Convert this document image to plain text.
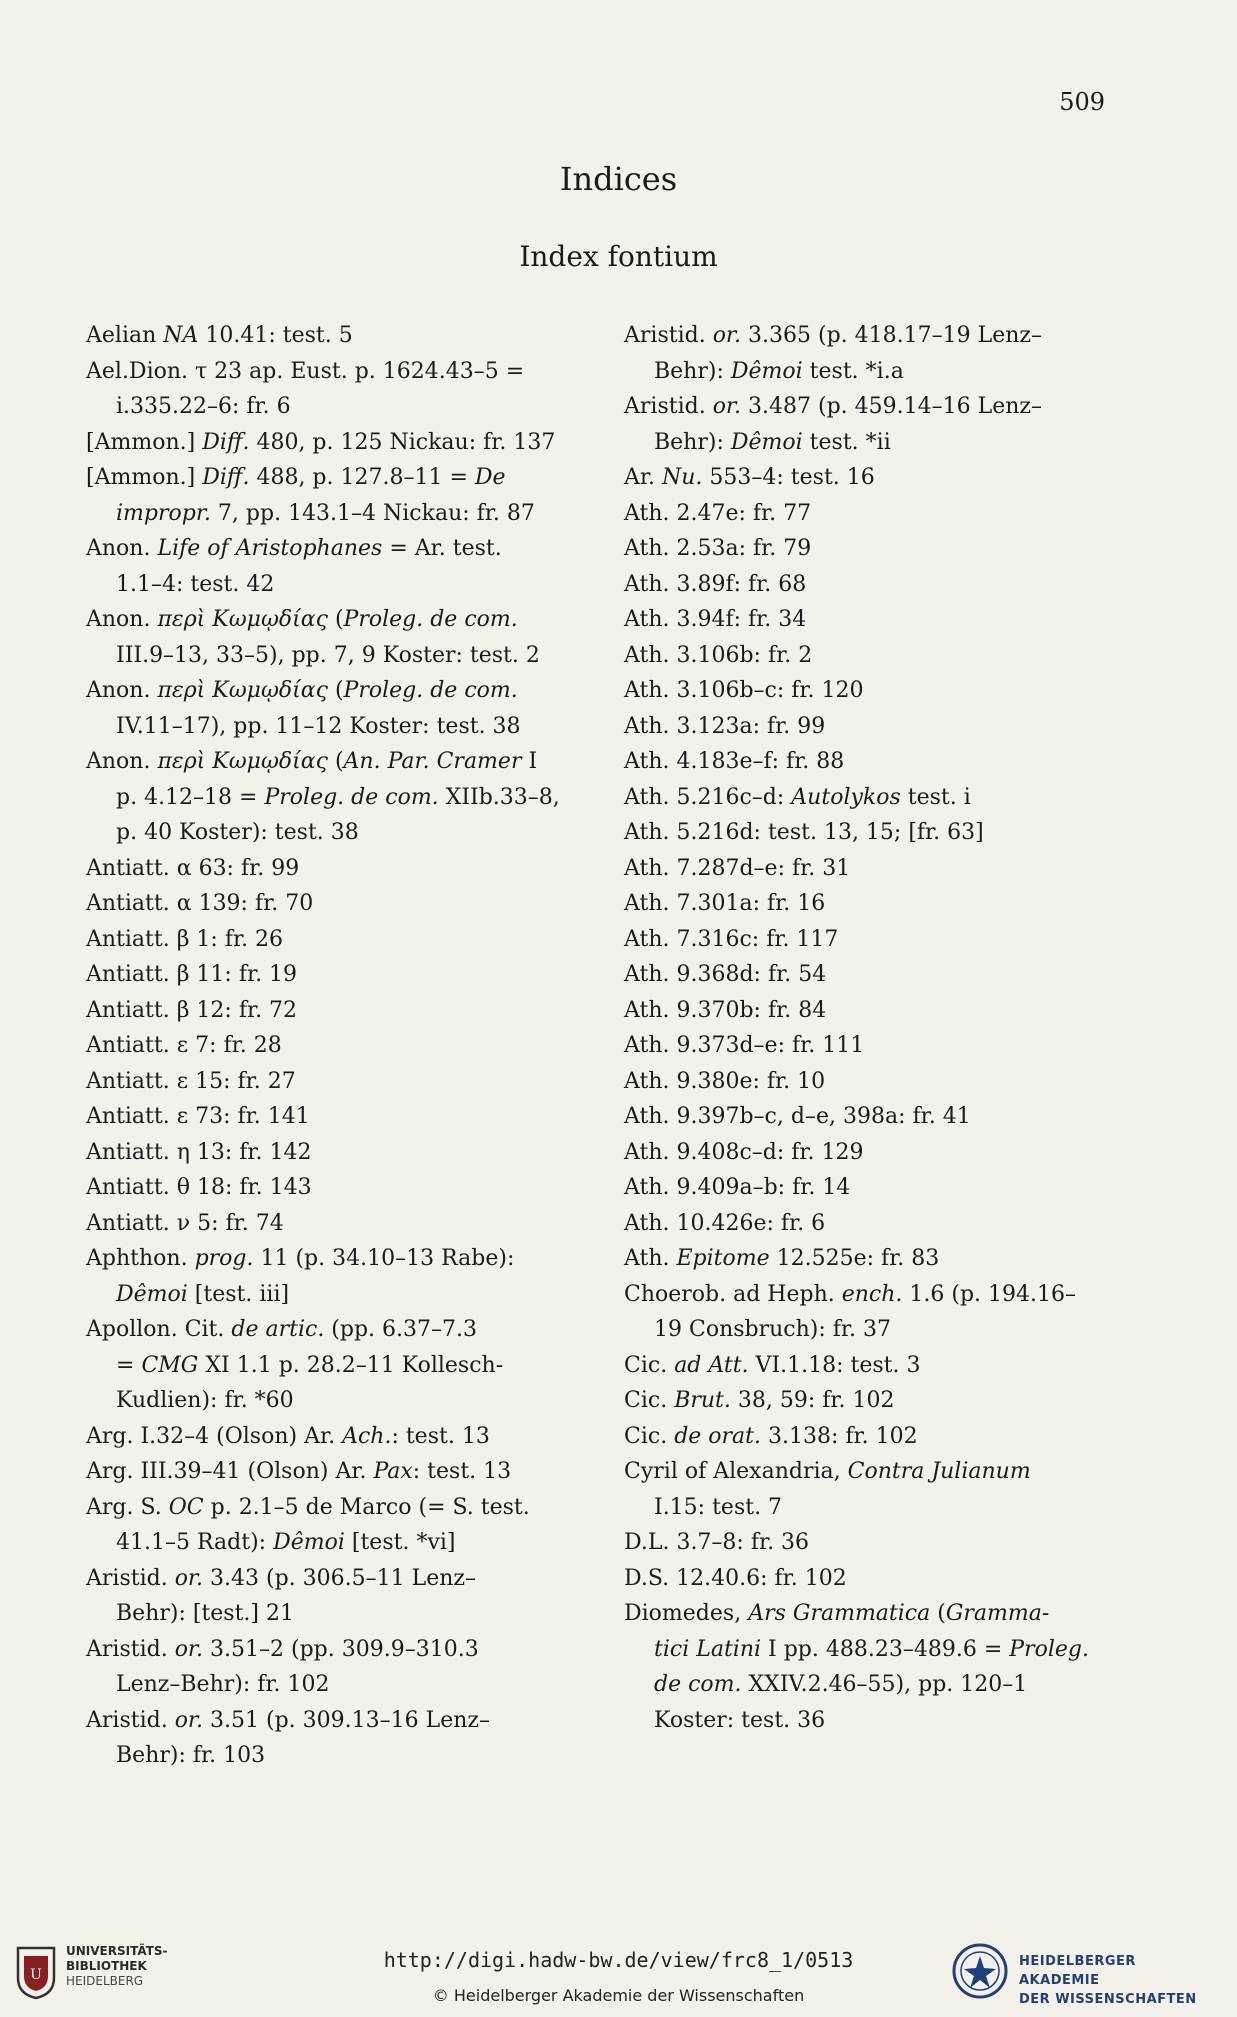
509
Indices
Index fontium
Aelian NA 10.41: test. 5
Ael.Dion. τ 23 ap. Eust. p. 1624.43–5 =
i.335.22–6: fr. 6
[Ammon.] Diff. 480, p. 125 Nickau: fr. 137
[Ammon.] Diff. 488, p. 127.8–11 = De
impropr. 7, pp. 143.1–4 Nickau: fr. 87
Anon. Life of Aristophanes = Ar. test.
1.1–4: test. 42
Anon. περὶ Κωμῳδίας (Proleg. de com.
III.9–13, 33–5), pp. 7, 9 Koster: test. 2
Anon. περὶ Κωμῳδίας (Proleg. de com.
IV.11–17), pp. 11–12 Koster: test. 38
Anon. περὶ Κωμῳδίας (An. Par. Cramer I
p. 4.12–18 = Proleg. de com. XIIb.33–8,
p. 40 Koster): test. 38
Antiatt. α 63: fr. 99
Antiatt. α 139: fr. 70
Antiatt. β 1: fr. 26
Antiatt. β 11: fr. 19
Antiatt. β 12: fr. 72
Antiatt. ε 7: fr. 28
Antiatt. ε 15: fr. 27
Antiatt. ε 73: fr. 141
Antiatt. η 13: fr. 142
Antiatt. θ 18: fr. 143
Antiatt. ν 5: fr. 74
Aphthon. prog. 11 (p. 34.10–13 Rabe):
Dêmoi [test. iii]
Apollon. Cit. de artic. (pp. 6.37–7.3
= CMG XI 1.1 p. 28.2–11 Kollesch-
Kudlien): fr. *60
Arg. I.32–4 (Olson) Ar. Ach.: test. 13
Arg. III.39–41 (Olson) Ar. Pax: test. 13
Arg. S. OC p. 2.1–5 de Marco (= S. test.
41.1–5 Radt): Dêmoi [test. *vi]
Aristid. or. 3.43 (p. 306.5–11 Lenz–
Behr): [test.] 21
Aristid. or. 3.51–2 (pp. 309.9–310.3
Lenz–Behr): fr. 102
Aristid. or. 3.51 (p. 309.13–16 Lenz–
Behr): fr. 103
Aristid. or. 3.365 (p. 418.17–19 Lenz–
Behr): Dêmoi test. *i.a
Aristid. or. 3.487 (p. 459.14–16 Lenz–
Behr): Dêmoi test. *ii
Ar. Nu. 553–4: test. 16
Ath. 2.47e: fr. 77
Ath. 2.53a: fr. 79
Ath. 3.89f: fr. 68
Ath. 3.94f: fr. 34
Ath. 3.106b: fr. 2
Ath. 3.106b–c: fr. 120
Ath. 3.123a: fr. 99
Ath. 4.183e–f: fr. 88
Ath. 5.216c–d: Autolykos test. i
Ath. 5.216d: test. 13, 15; [fr. 63]
Ath. 7.287d–e: fr. 31
Ath. 7.301a: fr. 16
Ath. 7.316c: fr. 117
Ath. 9.368d: fr. 54
Ath. 9.370b: fr. 84
Ath. 9.373d–e: fr. 111
Ath. 9.380e: fr. 10
Ath. 9.397b–c, d–e, 398a: fr. 41
Ath. 9.408c–d: fr. 129
Ath. 9.409a–b: fr. 14
Ath. 10.426e: fr. 6
Ath. Epitome 12.525e: fr. 83
Choerob. ad Heph. ench. 1.6 (p. 194.16–
19 Consbruch): fr. 37
Cic. ad Att. VI.1.18: test. 3
Cic. Brut. 38, 59: fr. 102
Cic. de orat. 3.138: fr. 102
Cyril of Alexandria, Contra Julianum
I.15: test. 7
D.L. 3.7–8: fr. 36
D.S. 12.40.6: fr. 102
Diomedes, Ars Grammatica (Gramma-
tici Latini I pp. 488.23–489.6 = Proleg.
de com. XXIV.2.46–55), pp. 120–1
Koster: test. 36
U
UNIVERSITÄTS-
BIBLIOTHEK
HEIDELBERG
http://digi.hadw-bw.de/view/frc8_1/0513
© Heidelberger Akademie der Wissenschaften
HEIDELBERGER AKADEMIE
DER WISSENSCHAFTEN
